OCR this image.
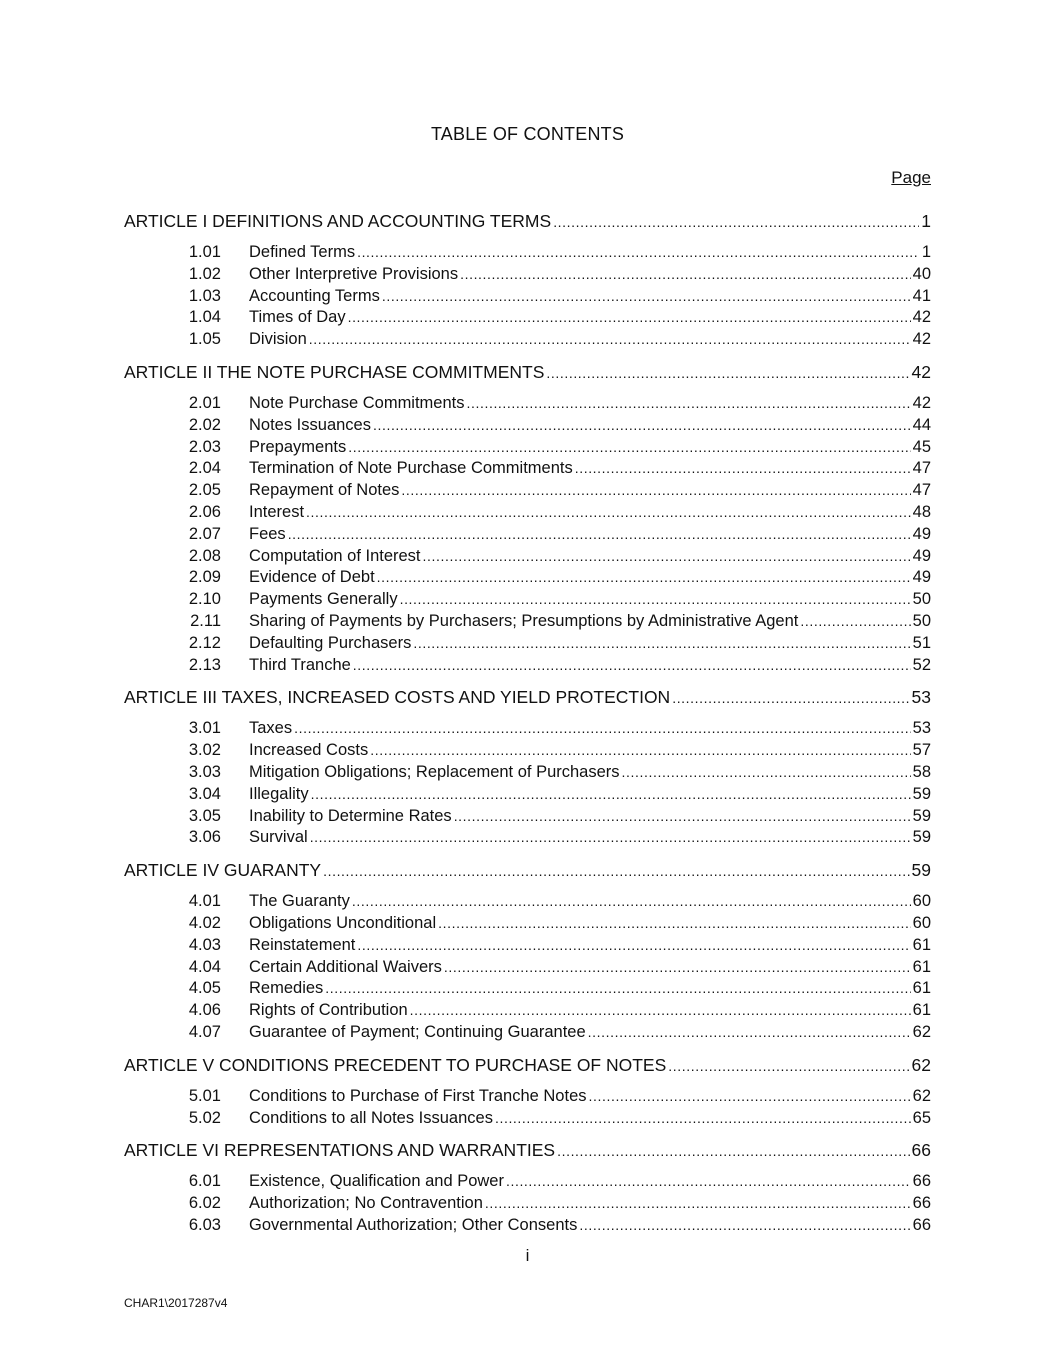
TABLE OF CONTENTS
Page
ARTICLE I DEFINITIONS AND ACCOUNTING TERMS .....	1
1.01	Defined Terms .....	1
1.02	Other Interpretive Provisions .....	40
1.03	Accounting Terms .....	41
1.04	Times of Day .....	42
1.05	Division .....	42
ARTICLE II THE NOTE PURCHASE COMMITMENTS .....	42
2.01	Note Purchase Commitments .....	42
2.02	Notes Issuances .....	44
2.03	Prepayments .....	45
2.04	Termination of Note Purchase Commitments .....	47
2.05	Repayment of Notes .....	47
2.06	Interest .....	48
2.07	Fees .....	49
2.08	Computation of Interest .....	49
2.09	Evidence of Debt .....	49
2.10	Payments Generally .....	50
2.11	Sharing of Payments by Purchasers; Presumptions by Administrative Agent .....	50
2.12	Defaulting Purchasers .....	51
2.13	Third Tranche .....	52
ARTICLE III TAXES, INCREASED COSTS AND YIELD PROTECTION .....	53
3.01	Taxes .....	53
3.02	Increased Costs .....	57
3.03	Mitigation Obligations; Replacement of Purchasers .....	58
3.04	Illegality .....	59
3.05	Inability to Determine Rates .....	59
3.06	Survival .....	59
ARTICLE IV GUARANTY .....	59
4.01	The Guaranty .....	60
4.02	Obligations Unconditional .....	60
4.03	Reinstatement .....	61
4.04	Certain Additional Waivers .....	61
4.05	Remedies .....	61
4.06	Rights of Contribution .....	61
4.07	Guarantee of Payment; Continuing Guarantee .....	62
ARTICLE V CONDITIONS PRECEDENT TO PURCHASE OF NOTES .....	62
5.01	Conditions to Purchase of First Tranche Notes .....	62
5.02	Conditions to all Notes Issuances .....	65
ARTICLE VI REPRESENTATIONS AND WARRANTIES .....	66
6.01	Existence, Qualification and Power .....	66
6.02	Authorization; No Contravention .....	66
6.03	Governmental Authorization; Other Consents .....	66
i
CHAR1\2017287v4
